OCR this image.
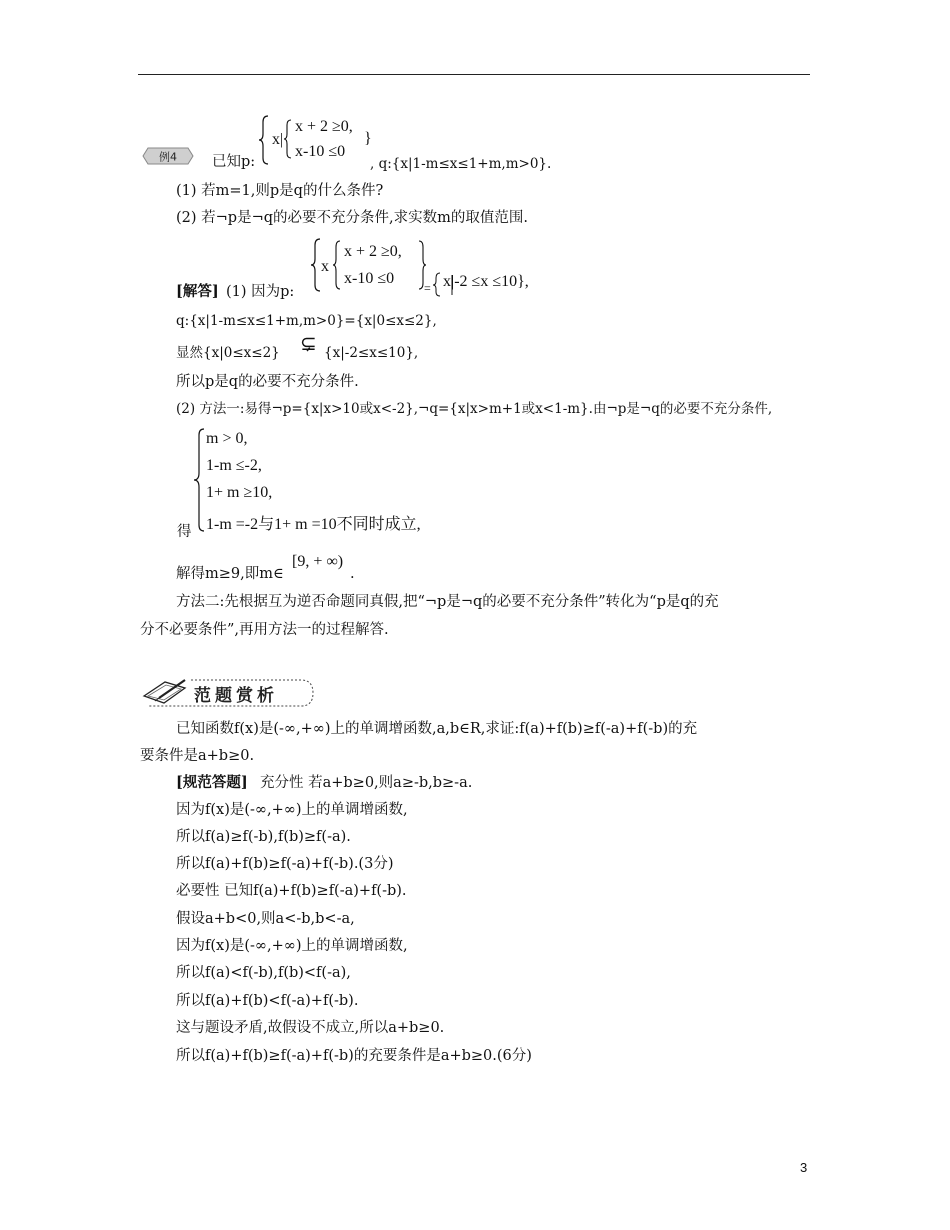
例4 已知p:
x|
x + 2 ≥0,
x-10 ≤0
}
, q:{x|1-m≤x≤1+m,m>0}.
(1) 若m=1,则p是q的什么条件?
(2) 若¬p是¬q的必要不充分条件,求实数m的取值范围.
[解答] (1) 因为p:
x
x + 2 ≥0,
x-10 ≤0
= x|-2 ≤x ≤10},
q:{x|1-m≤x≤1+m,m>0}={x|0≤x≤2},
显然{x|0≤x≤2} ⊊ {x|-2≤x≤10},
所以p是q的必要不充分条件.
(2) 方法一:易得¬p={x|x>10或x<-2},¬q={x|x>m+1或x<1-m}.由¬p是¬q的必要不充分条件,
m > 0,
1-m ≤-2,
1+ m ≥10,
1-m =-2与1+ m =10不同时成立,
得
解得m≥9,即m∈
[9, + ∞)
.
方法二:先根据互为逆否命题同真假,把“¬p是¬q的必要不充分条件”转化为“p是q的充
分不必要条件”,再用方法一的过程解答.
范题赏析
已知函数f(x)是(-∞,+∞)上的单调增函数,a,b∈R,求证:f(a)+f(b)≥f(-a)+f(-b)的充
要条件是a+b≥0.
[规范答题] 充分性 若a+b≥0,则a≥-b,b≥-a.
因为f(x)是(-∞,+∞)上的单调增函数,
所以f(a)≥f(-b),f(b)≥f(-a).
所以f(a)+f(b)≥f(-a)+f(-b).(3分)
必要性 已知f(a)+f(b)≥f(-a)+f(-b).
假设a+b<0,则a<-b,b<-a,
因为f(x)是(-∞,+∞)上的单调增函数,
所以f(a)<f(-b),f(b)<f(-a),
所以f(a)+f(b)<f(-a)+f(-b).
这与题设矛盾,故假设不成立,所以a+b≥0.
所以f(a)+f(b)≥f(-a)+f(-b)的充要条件是a+b≥0.(6分)
3
